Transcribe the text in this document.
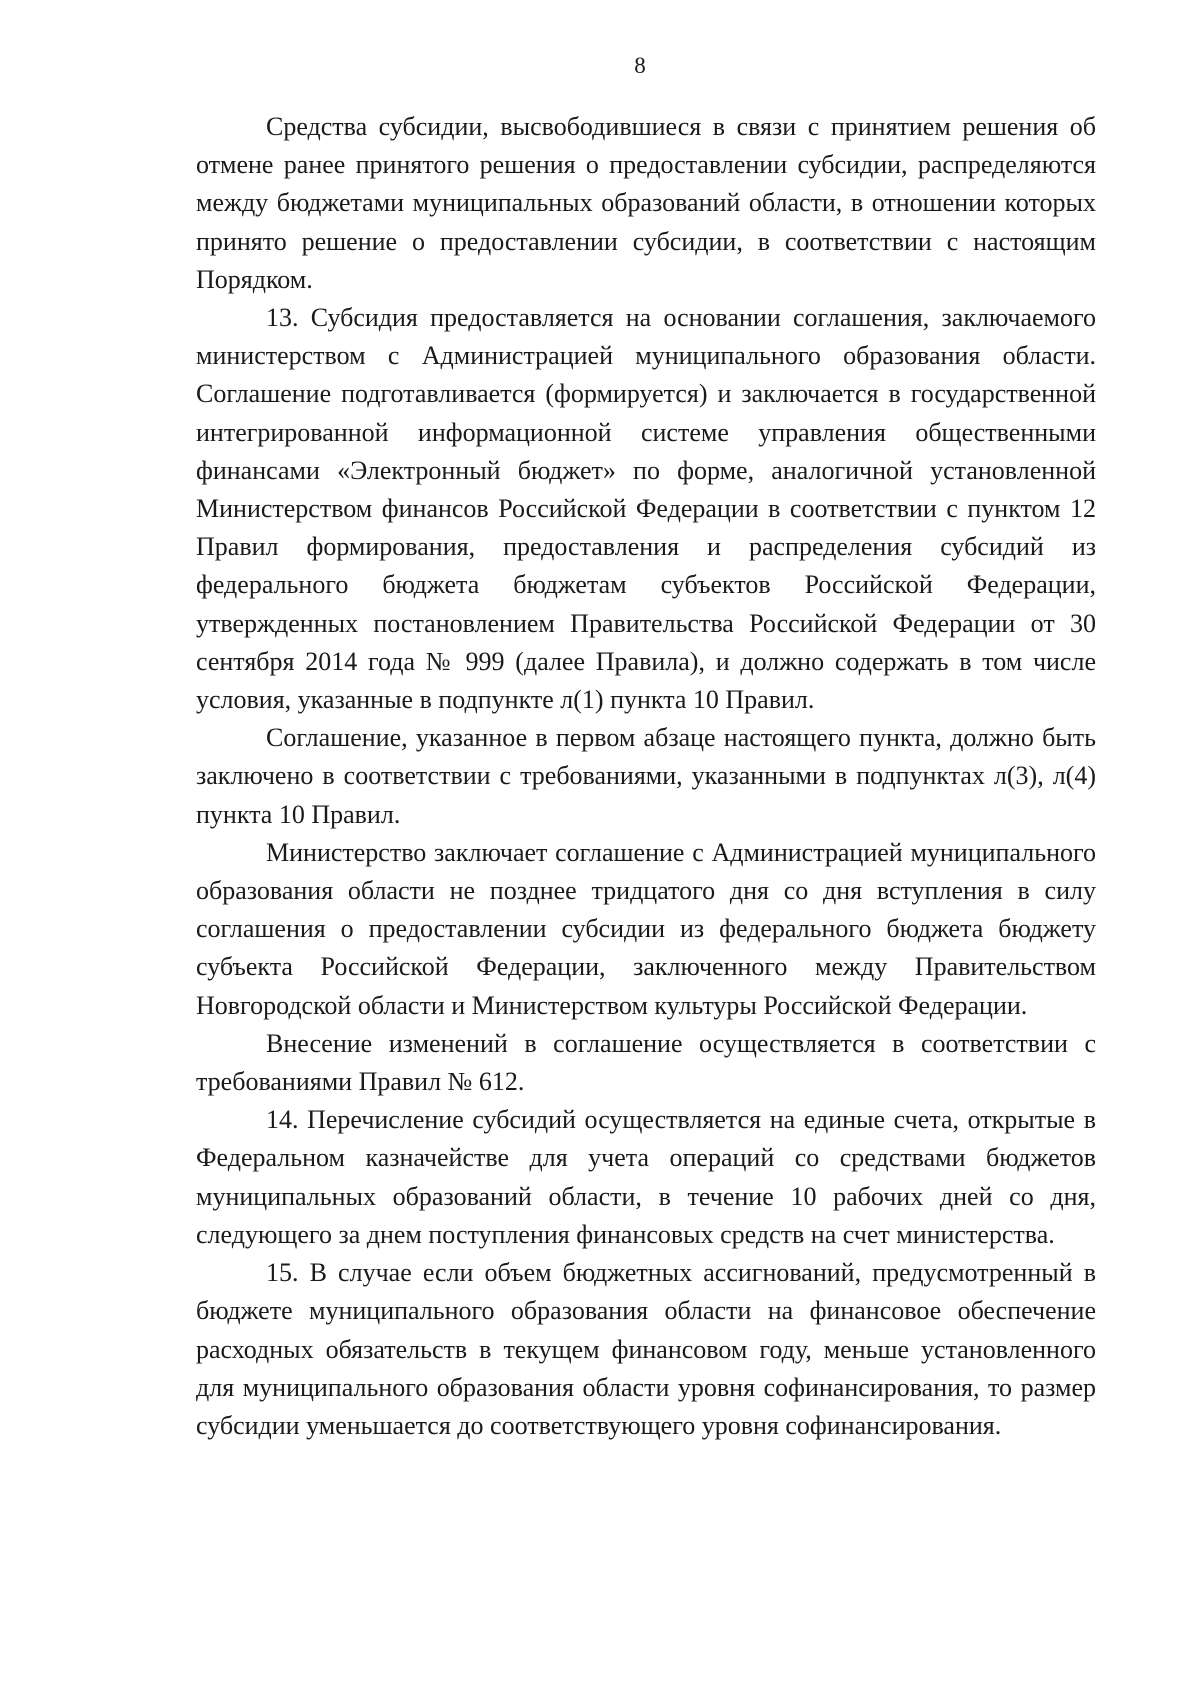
8

Средства субсидии, высвободившиеся в связи с принятием решения об отмене ранее принятого решения о предоставлении субсидии, распределяются между бюджетами муниципальных образований области, в отношении которых принято решение о предоставлении субсидии, в соответствии с настоящим Порядком.

13. Субсидия предоставляется на основании соглашения, заключаемого министерством с Администрацией муниципального образования области. Соглашение подготавливается (формируется) и заключается в государственной интегрированной информационной системе управления общественными финансами «Электронный бюджет» по форме, аналогичной установленной Министерством финансов Российской Федерации в соответствии с пунктом 12 Правил формирования, предоставления и распределения субсидий из федерального бюджета бюджетам субъектов Российской Федерации, утвержденных постановлением Правительства Российской Федерации от 30 сентября 2014 года № 999 (далее Правила), и должно содержать в том числе условия, указанные в подпункте л(1) пункта 10 Правил.

Соглашение, указанное в первом абзаце настоящего пункта, должно быть заключено в соответствии с требованиями, указанными в подпунктах л(3), л(4) пункта 10 Правил.

Министерство заключает соглашение с Администрацией муниципального образования области не позднее тридцатого дня со дня вступления в силу соглашения о предоставлении субсидии из федерального бюджета бюджету субъекта Российской Федерации, заключенного между Правительством Новгородской области и Министерством культуры Российской Федерации.

Внесение изменений в соглашение осуществляется в соответствии с требованиями Правил № 612.

14. Перечисление субсидий осуществляется на единые счета, открытые в Федеральном казначействе для учета операций со средствами бюджетов муниципальных образований области, в течение 10 рабочих дней со дня, следующего за днем поступления финансовых средств на счет министерства.

15. В случае если объем бюджетных ассигнований, предусмотренный в бюджете муниципального образования области на финансовое обеспечение расходных обязательств в текущем финансовом году, меньше установленного для муниципального образования области уровня софинансирования, то размер субсидии уменьшается до соответствующего уровня софинансирования.
